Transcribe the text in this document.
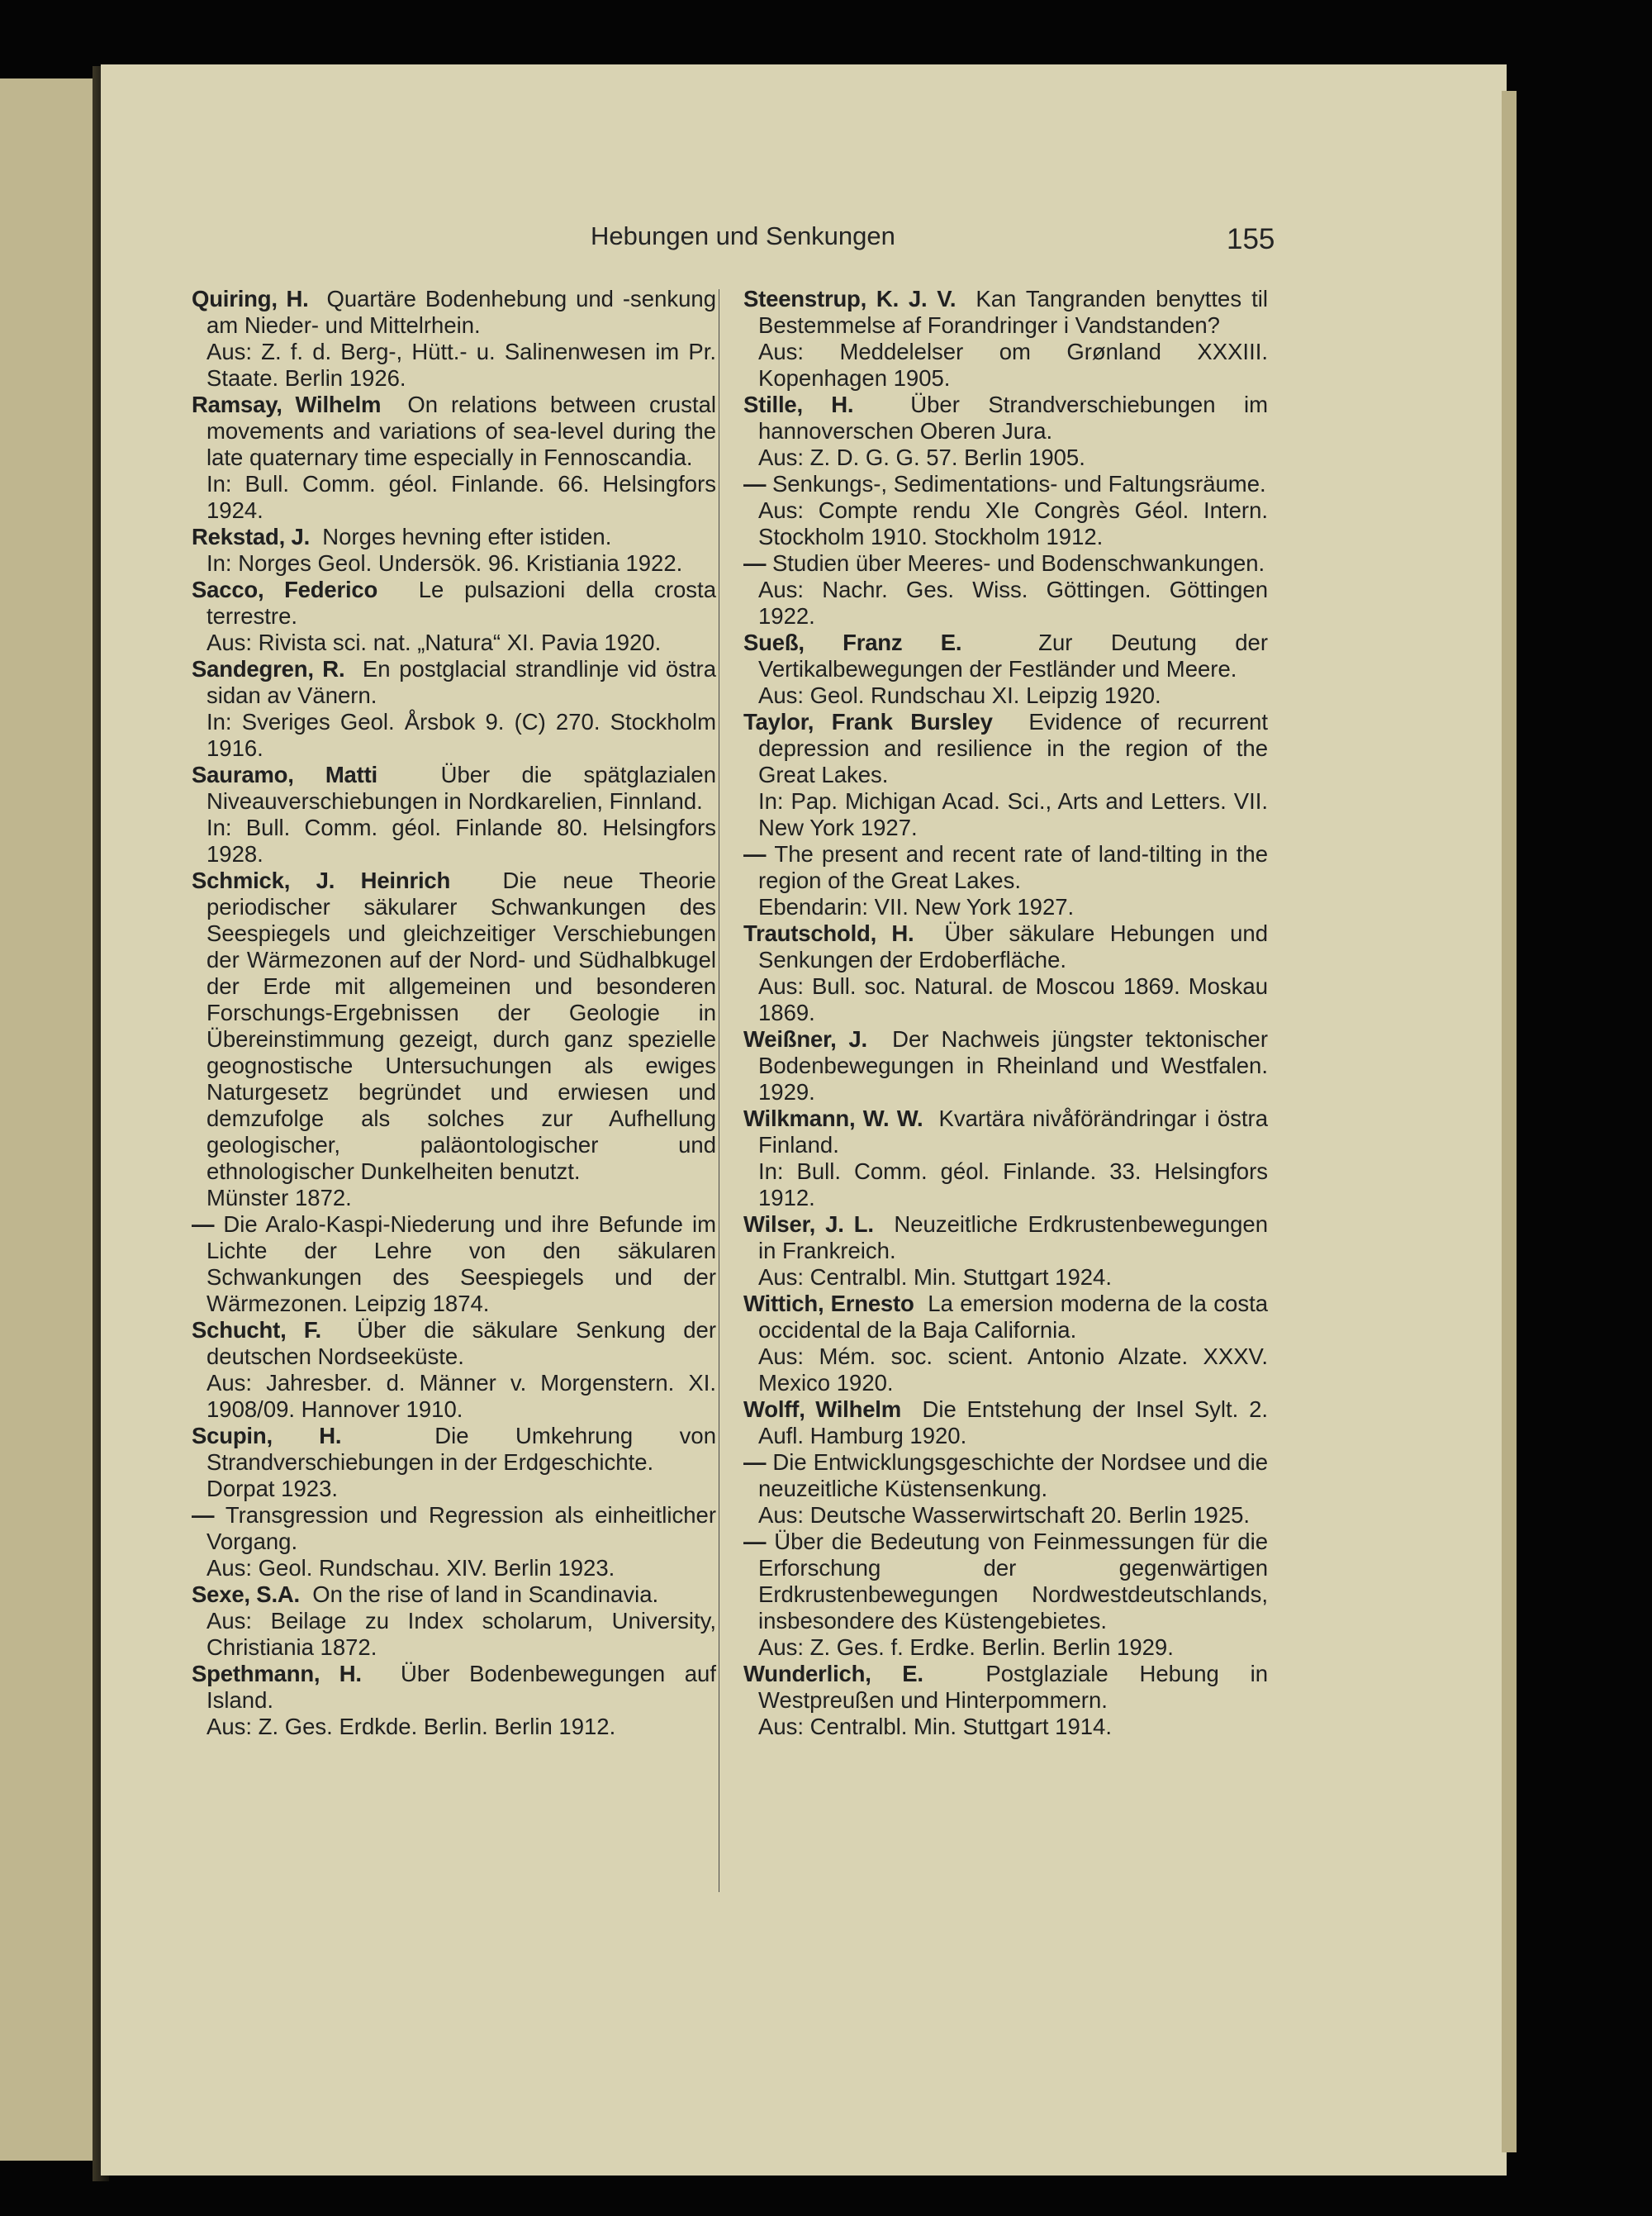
Hebungen und Senkungen	155
Quiring, H. Quartäre Bodenhebung und -senkung am Nieder- und Mittelrhein.
Aus: Z. f. d. Berg-, Hütt.- u. Salinenwesen im Pr. Staate. Berlin 1926.
Ramsay, Wilhelm On relations between crustal movements and variations of sea-level during the late quaternary time especially in Fennoscandia.
In: Bull. Comm. géol. Finlande. 66. Helsingfors 1924.
Rekstad, J. Norges hevning efter istiden.
In: Norges Geol. Undersök. 96. Kristiania 1922.
Sacco, Federico Le pulsazioni della crosta terrestre.
Aus: Rivista sci. nat. „Natura“ XI. Pavia 1920.
Sandegren, R. En postglacial strandlinje vid östra sidan av Vänern.
In: Sveriges Geol. Årsbok 9. (C) 270. Stockholm 1916.
Sauramo, Matti	Über die spätglazialen Niveauverschiebungen in Nordkarelien, Finnland.
In: Bull. Comm. géol. Finlande 80. Helsingfors 1928.
Schmick, J. Heinrich Die neue Theorie periodischer säkularer Schwankungen des Seespiegels und gleichzeitiger Verschiebungen der Wärmezonen auf der Nord- und Südhalbkugel der Erde mit allgemeinen und besonderen Forschungs-Ergebnissen der Geologie in Übereinstimmung gezeigt, durch ganz spezielle geognostische Untersuchungen als ewiges Naturgesetz begründet und erwiesen und demzufolge als solches zur Aufhellung geologischer, paläontologischer und ethnologischer Dunkelheiten benutzt.
Münster 1872.
— Die Aralo-Kaspi-Niederung und ihre Befunde im Lichte der Lehre von den säkularen Schwankungen des Seespiegels und der Wärmezonen. Leipzig 1874.
Schucht, F. Über die säkulare Senkung der deutschen Nordseeküste.
Aus: Jahresber. d. Männer v. Morgenstern. XI. 1908/09. Hannover 1910.
Scupin, H.	Die Umkehrung von Strandverschiebungen in der Erdgeschichte.
Dorpat 1923.
— Transgression und Regression als einheitlicher Vorgang.
Aus: Geol. Rundschau. XIV. Berlin 1923.
Sexe, S.A. On the rise of land in Scandinavia.
Aus: Beilage zu Index scholarum, University, Christiania 1872.
Spethmann, H. Über Bodenbewegungen auf Island.
Aus: Z. Ges. Erdkde. Berlin. Berlin 1912.
Steenstrup, K. J. V. Kan Tangranden benyttes til Bestemmelse af Forandringer i Vandstanden?
Aus: Meddelelser om Grønland XXXIII. Kopenhagen 1905.
Stille, H.	Über Strandverschiebungen im hannoverschen Oberen Jura.
Aus: Z. D. G. G. 57. Berlin 1905.
— Senkungs-, Sedimentations- und Faltungsräume.
Aus: Compte rendu XIe Congrès Géol. Intern. Stockholm 1910. Stockholm 1912.
— Studien über Meeres- und Bodenschwankungen.
Aus: Nachr. Ges. Wiss. Göttingen. Göttingen 1922.
Sueß, Franz E.	Zur Deutung der Vertikalbewegungen der Festländer und Meere.
Aus: Geol. Rundschau XI. Leipzig 1920.
Taylor, Frank Bursley Evidence of recurrent depression and resilience in the region of the Great Lakes.
In: Pap. Michigan Acad. Sci., Arts and Letters. VII. New York 1927.
— The present and recent rate of land-tilting in the region of the Great Lakes.
Ebendarin: VII. New York 1927.
Trautschold, H. Über säkulare Hebungen und Senkungen der Erdoberfläche.
Aus: Bull. soc. Natural. de Moscou 1869. Moskau 1869.
Weißner, J. Der Nachweis jüngster tektonischer Bodenbewegungen in Rheinland und Westfalen. 1929.
Wilkmann, W. W. Kvartära nivåförändringar i östra Finland.
In: Bull. Comm. géol. Finlande. 33. Helsingfors 1912.
Wilser, J. L. Neuzeitliche Erdkrustenbewegungen in Frankreich.
Aus: Centralbl. Min. Stuttgart 1924.
Wittich, Ernesto La emersion moderna de la costa occidental de la Baja California.
Aus: Mém. soc. scient. Antonio Alzate. XXXV. Mexico 1920.
Wolff, Wilhelm Die Entstehung der Insel Sylt. 2. Aufl. Hamburg 1920.
— Die Entwicklungsgeschichte der Nordsee und die neuzeitliche Küstensenkung.
Aus: Deutsche Wasserwirtschaft 20. Berlin 1925.
— Über die Bedeutung von Feinmessungen für die Erforschung der gegenwärtigen Erdkrustenbewegungen Nordwestdeutschlands, insbesondere des Küstengebietes.
Aus: Z. Ges. f. Erdke. Berlin. Berlin 1929.
Wunderlich, E.	Postglaziale Hebung in Westpreußen und Hinterpommern.
Aus: Centralbl. Min. Stuttgart 1914.
